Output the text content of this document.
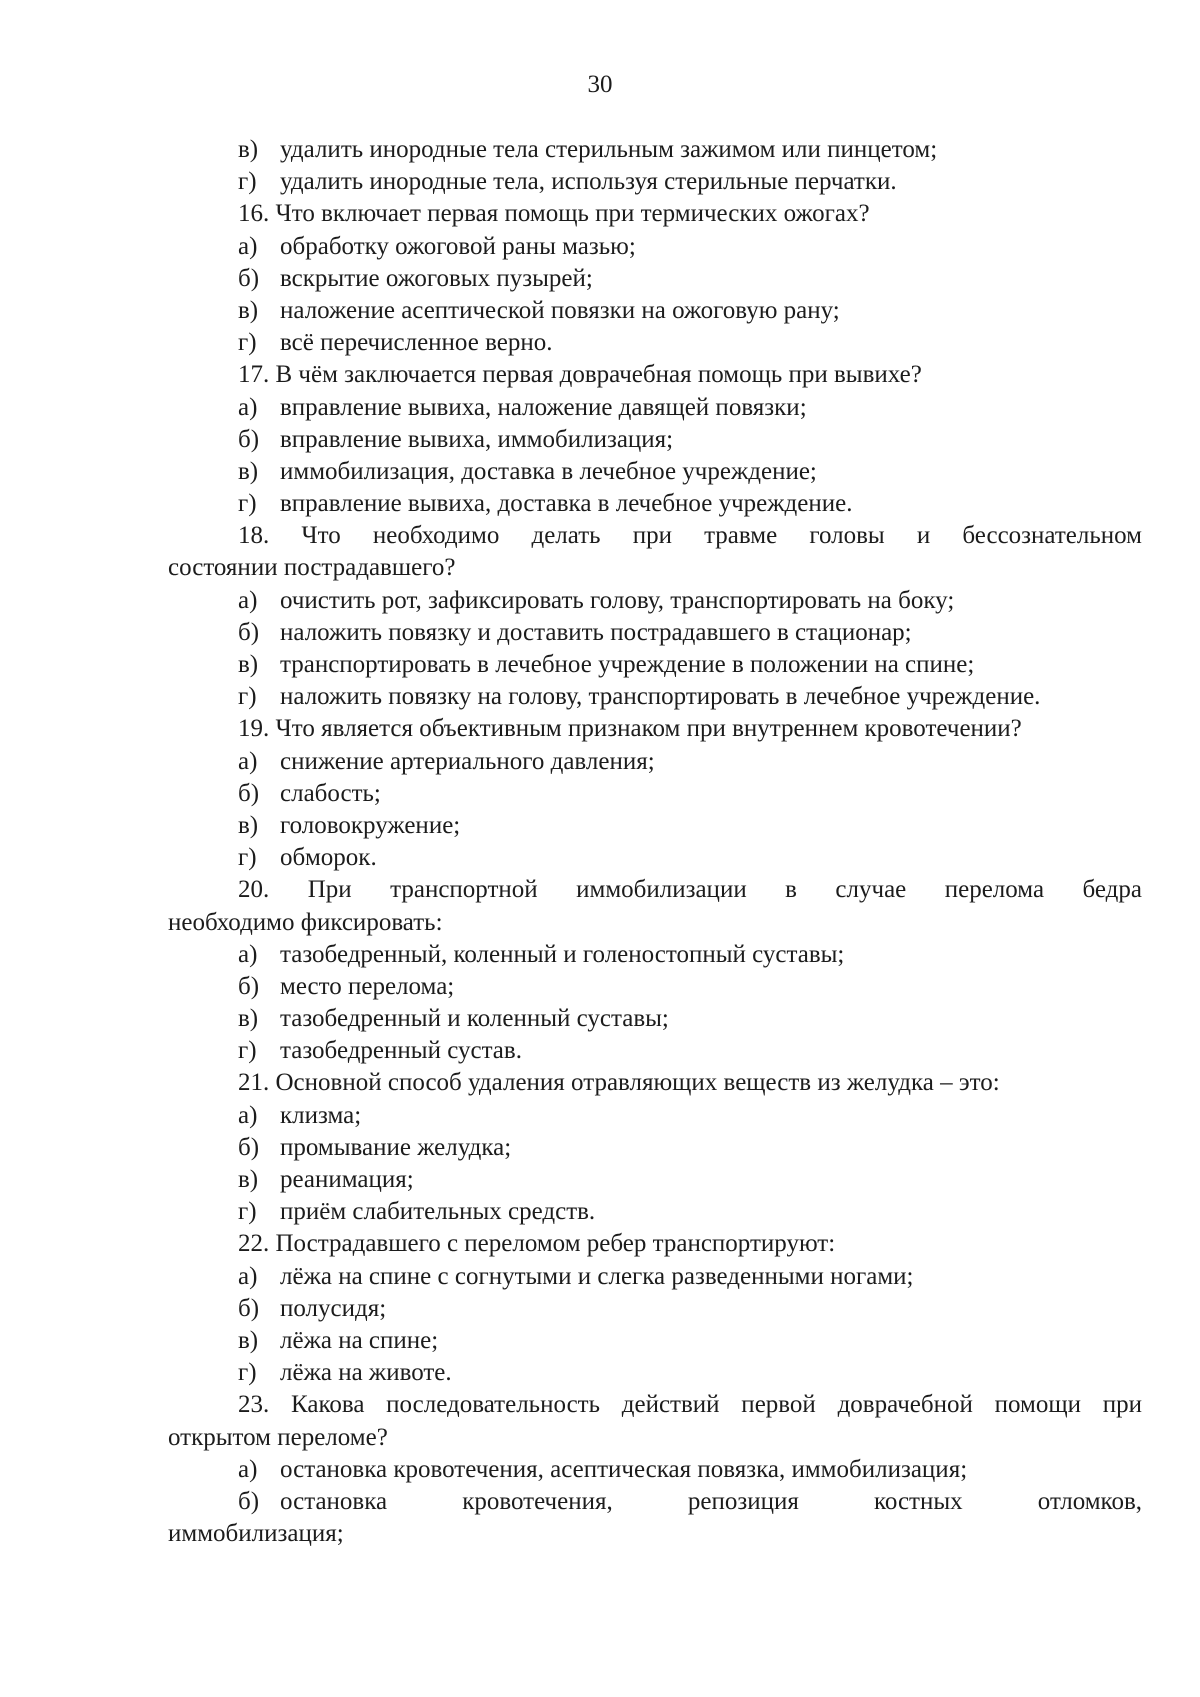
30
в) удалить инородные тела стерильным зажимом или пинцетом;
г) удалить инородные тела, используя стерильные перчатки.
16. Что включает первая помощь при термических ожогах?
а) обработку ожоговой раны мазью;
б) вскрытие ожоговых пузырей;
в) наложение асептической повязки на ожоговую рану;
г) всё перечисленное верно.
17. В чём заключается первая доврачебная помощь при вывихе?
а) вправление вывиха, наложение давящей повязки;
б) вправление вывиха, иммобилизация;
в) иммобилизация, доставка в лечебное учреждение;
г) вправление вывиха, доставка в лечебное учреждение.
18. Что необходимо делать при травме головы и бессознательном
состоянии пострадавшего?
а) очистить рот, зафиксировать голову, транспортировать на боку;
б) наложить повязку и доставить пострадавшего в стационар;
в) транспортировать в лечебное учреждение в положении на спине;
г) наложить повязку на голову, транспортировать в лечебное учреждение.
19. Что является объективным признаком при внутреннем кровотечении?
а) снижение артериального давления;
б) слабость;
в) головокружение;
г) обморок.
20. При транспортной иммобилизации в случае перелома бедра
необходимо фиксировать:
а) тазобедренный, коленный и голеностопный суставы;
б) место перелома;
в) тазобедренный и коленный суставы;
г) тазобедренный сустав.
21. Основной способ удаления отравляющих веществ из желудка – это:
а) клизма;
б) промывание желудка;
в) реанимация;
г) приём слабительных средств.
22. Пострадавшего с переломом ребер транспортируют:
а) лёжа на спине с согнутыми и слегка разведенными ногами;
б) полусидя;
в) лёжа на спине;
г) лёжа на животе.
23. Какова последовательность действий первой доврачебной помощи при
открытом переломе?
а) остановка кровотечения, асептическая повязка, иммобилизация;
б) остановка кровотечения, репозиция костных отломков,
иммобилизация;
